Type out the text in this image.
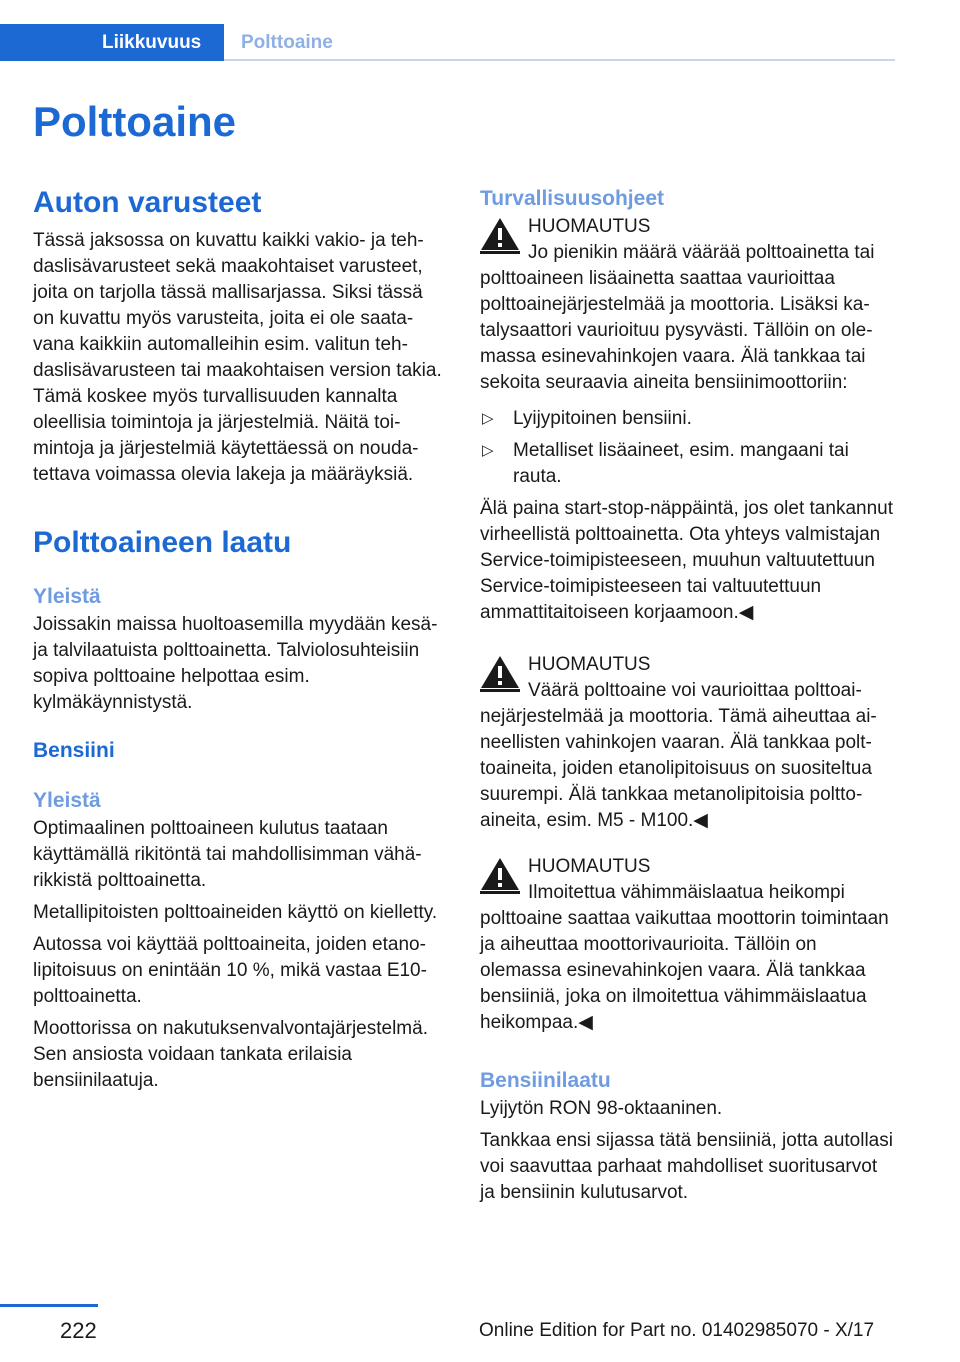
Liikkuvuus	Polttoaine
Polttoaine
Auton varusteet

Tässä jaksossa on kuvattu kaikki vakio- ja tehdaslisävarusteet sekä maakohtaiset varusteet, joita on tarjolla tässä mallisarjassa. Siksi tässä on kuvattu myös varusteita, joita ei ole saatavana kaikkiin automalleihin esim. valitun tehdaslisävarusteen tai maakohtaisen version takia. Tämä koskee myös turvallisuuden kannalta oleellisia toimintoja ja järjestelmiä. Näitä toimintoja ja järjestelmiä käytettäessä on noudatettava voimassa olevia lakeja ja määräyksiä.

Polttoaineen laatu
Yleistä

Joissakin maissa huoltoasemilla myydään kesä- ja talvilaatuista polttoainetta. Talviolosuhteisiin sopiva polttoaine helpottaa esim. kylmäkäynnistystä.

Bensiini
Yleistä

Optimaalinen polttoaineen kulutus taataan käyttämällä rikitöntä tai mahdollisimman vähärikkistä polttoainetta.

Metallipitoisten polttoaineiden käyttö on kielletty.

Autossa voi käyttää polttoaineita, joiden etanolipitoisuus on enintään 10 %, mikä vastaa E10-polttoainetta.

Moottorissa on nakutuksenvalvontajärjestelmä. Sen ansiosta voidaan tankata erilaisia bensiinilaatuja.

Turvallisuusohjeet
HUOMAUTUS

Jo pienikin määrä väärää polttoainetta tai polttoaineen lisäainetta saattaa vaurioittaa polttoainejärjestelmää ja moottoria. Lisäksi katalysaattori vaurioituu pysyvästi. Tällöin on olemassa esinevahinkojen vaara. Älä tankkaa tai sekoita seuraavia aineita bensiinimoottoriin:

▷ Lyijypitoinen bensiini.
▷ Metalliset lisäaineet, esim. mangaani tai rauta.

Älä paina start-stop-näppäintä, jos olet tankannut virheellistä polttoainetta. Ota yhteys valmistajan Service-toimipisteeseen, muuhun valtuutettuun Service-toimipisteeseen tai valtuutettuun ammattitaitoiseen korjaamoon.◀

HUOMAUTUS

Väärä polttoaine voi vaurioittaa polttoainejärjestelmää ja moottoria. Tämä aiheuttaa aineellisten vahinkojen vaaran. Älä tankkaa polttoaineita, joiden etanolipitoisuus on suositeltua suurempi. Älä tankkaa metanolipitoisia polttoaineita, esim. M5 - M100.◀

HUOMAUTUS

Ilmoitettua vähimmäislaatua heikompi polttoaine saattaa vaikuttaa moottorin toimintaan ja aiheuttaa moottorivaurioita. Tällöin on olemassa esinevahinkojen vaara. Älä tankkaa bensiiniä, joka on ilmoitettua vähimmäislaatua heikompaa.◀

Bensiinilaatu

Lyijytön RON 98-oktaaninen.

Tankkaa ensi sijassa tätä bensiiniä, jotta autollasi voi saavuttaa parhaat mahdolliset suoritusarvot ja bensiinin kulutusarvot.

222	Online Edition for Part no. 01402985070 - X/17
